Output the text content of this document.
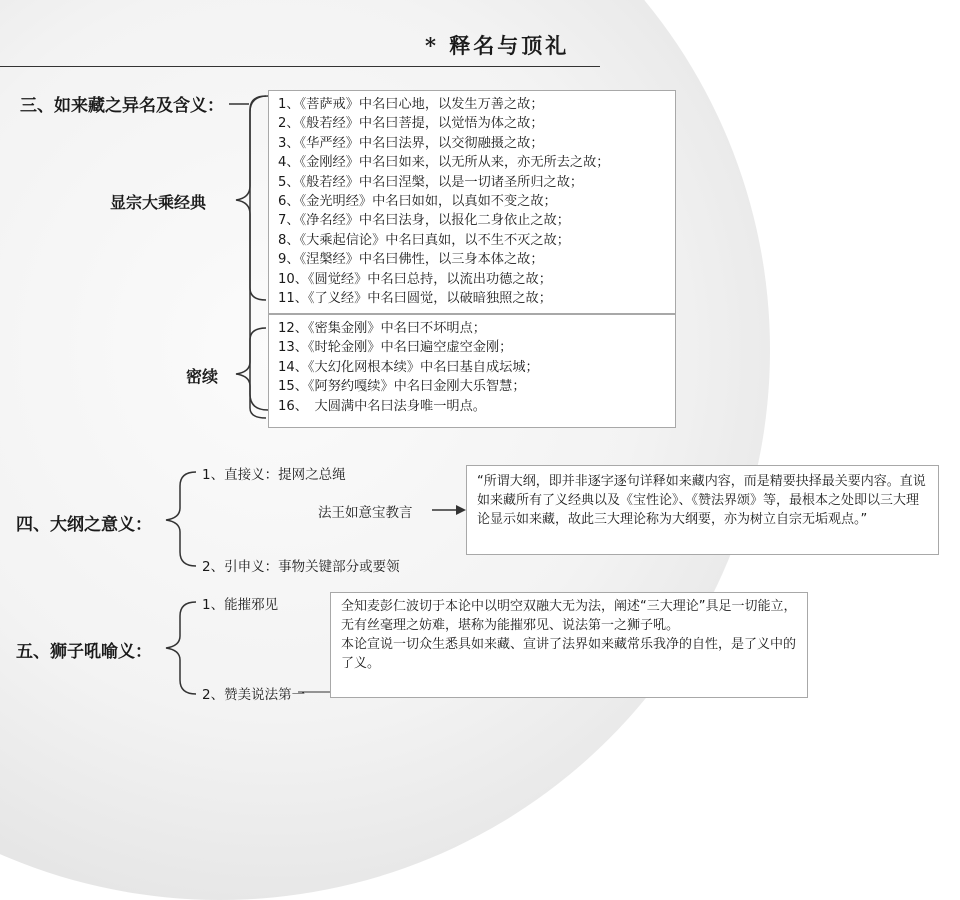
* 释名与顶礼
三、如来藏之异名及含义：
显宗大乘经典
密续
1、《菩萨戒》中名曰心地，以发生万善之故；
2、《般若经》中名曰菩提，以觉悟为体之故；
3、《华严经》中名曰法界，以交彻融摄之故；
4、《金刚经》中名曰如来，以无所从来，亦无所去之故；
5、《般若经》中名曰涅槃，以是一切诸圣所归之故；
6、《金光明经》中名曰如如，以真如不变之故；
7、《净名经》中名曰法身，以报化二身依止之故；
8、《大乘起信论》中名曰真如，以不生不灭之故；
9、《涅槃经》中名曰佛性，以三身本体之故；
10、《圆觉经》中名曰总持，以流出功德之故；
11、《了义经》中名曰圆觉，以破暗独照之故；
12、《密集金刚》中名曰不坏明点；
13、《时轮金刚》中名曰遍空虚空金刚；
14、《大幻化网根本续》中名曰基自成坛城；
15、《阿努约嘎续》中名曰金刚大乐智慧；
16、　大圆满中名曰法身唯一明点。
四、大纲之意义：
1、直接义：提网之总绳
2、引申义：事物关键部分或要领
法王如意宝教言
“所谓大纲，即并非逐字逐句详释如来藏内容，而是精要抉择最关要内容。直说如来藏所有了义经典以及《宝性论》、《赞法界颂》等，最根本之处即以三大理论显示如来藏，故此三大理论称为大纲要，亦为树立自宗无垢观点。”
五、狮子吼喻义：
1、能摧邪见
2、赞美说法第一
全知麦彭仁波切于本论中以明空双融大无为法，阐述“三大理论”具足一切能立，无有丝毫理之妨难，堪称为能摧邪见、说法第一之狮子吼。
本论宣说一切众生悉具如来藏、宣讲了法界如来藏常乐我净的自性，是了义中的了义。
